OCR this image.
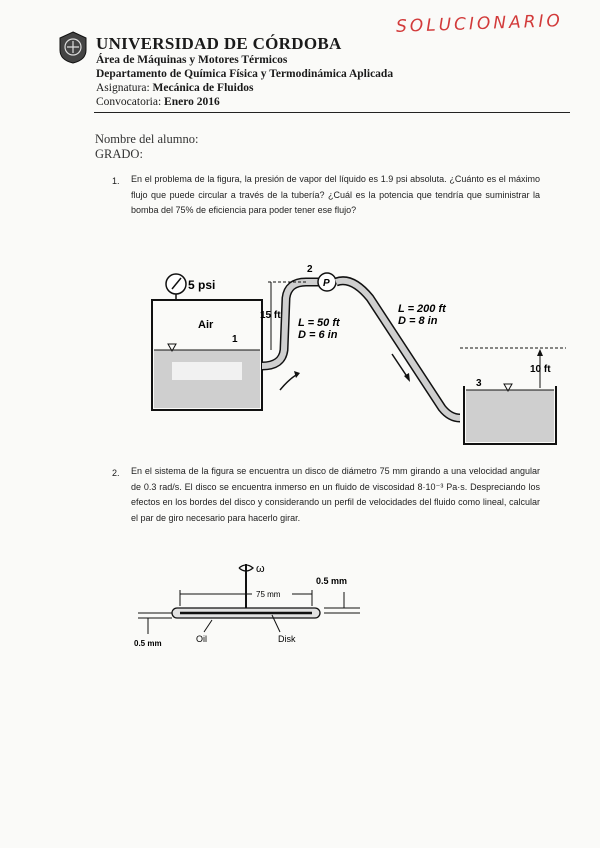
SOLUCIONARIO
UNIVERSIDAD DE CÓRDOBA
Área de Máquinas y Motores Térmicos
Departamento de Química Física y Termodinámica Aplicada
Asignatura: Mecánica de Fluidos
Convocatoria: Enero 2016
Nombre del alumno:
GRADO:
1. En el problema de la figura, la presión de vapor del líquido es 1.9 psi absoluta. ¿Cuánto es el máximo flujo que puede circular a través de la tubería? ¿Cuál es la potencia que tendría que suministrar la bomba del 75% de eficiencia para poder tener ese flujo?
5 psi
Air
1
P
2
15 ft
L = 50 ft
D = 6 in
L = 200 ft
D = 8 in
3
10 ft
2. En el sistema de la figura se encuentra un disco de diámetro 75 mm girando a una velocidad angular de 0.3 rad/s. El disco se encuentra inmerso en un fluido de viscosidad 8·10⁻³ Pa·s. Despreciando los efectos en los bordes del disco y considerando un perfil de velocidades del fluido como lineal, calcular el par de giro necesario para hacerlo girar.
ω
75 mm
0.5 mm
0.5 mm	Oil	Disk
